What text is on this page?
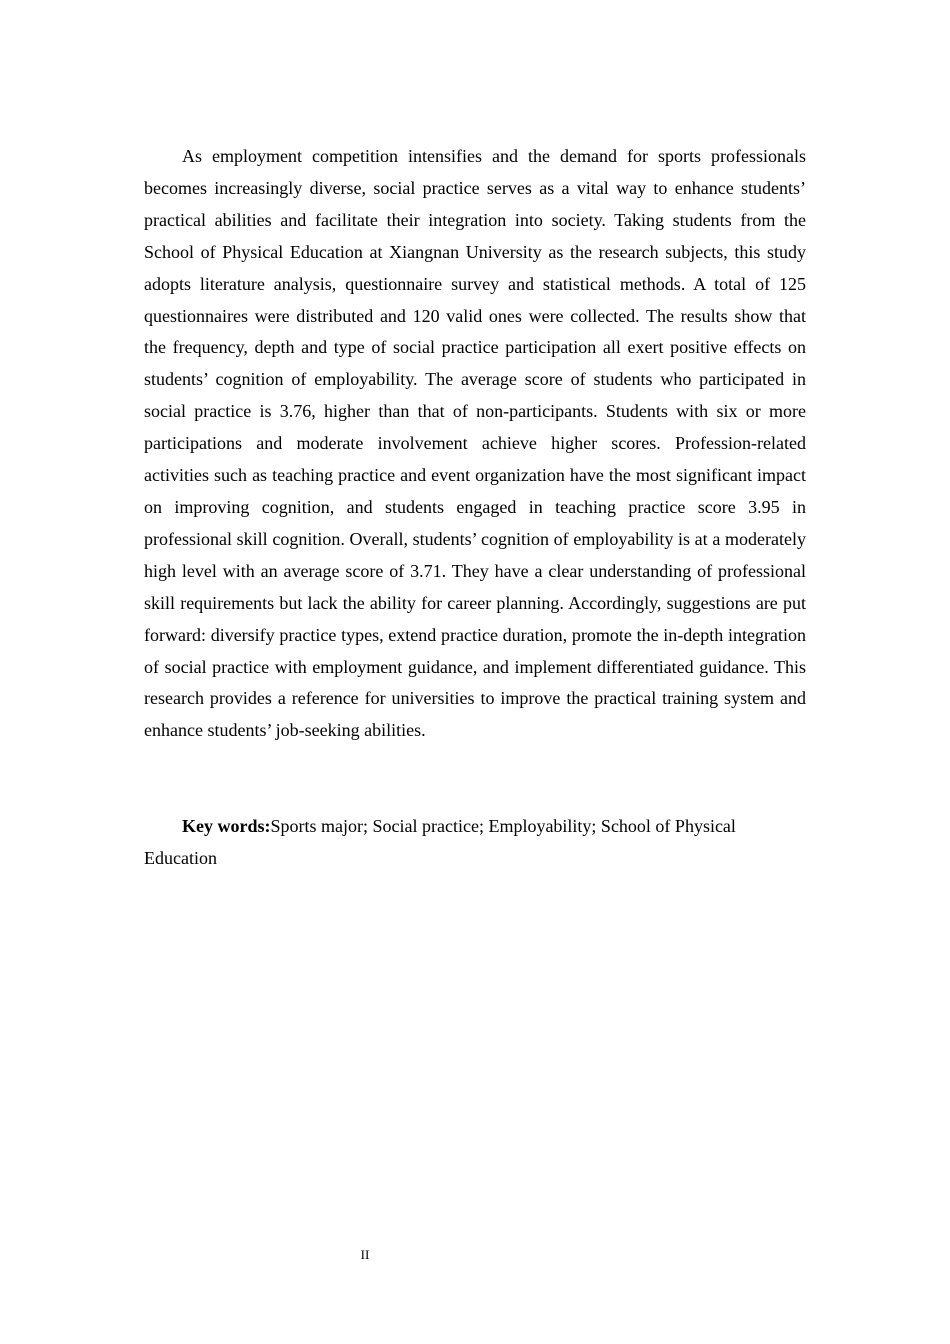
As employment competition intensifies and the demand for sports professionals becomes increasingly diverse, social practice serves as a vital way to enhance students’ practical abilities and facilitate their integration into society. Taking students from the School of Physical Education at Xiangnan University as the research subjects, this study adopts literature analysis, questionnaire survey and statistical methods. A total of 125 questionnaires were distributed and 120 valid ones were collected. The results show that the frequency, depth and type of social practice participation all exert positive effects on students’ cognition of employability. The average score of students who participated in social practice is 3.76, higher than that of non-participants. Students with six or more participations and moderate involvement achieve higher scores. Profession-related activities such as teaching practice and event organization have the most significant impact on improving cognition, and students engaged in teaching practice score 3.95 in professional skill cognition. Overall, students’ cognition of employability is at a moderately high level with an average score of 3.71. They have a clear understanding of professional skill requirements but lack the ability for career planning. Accordingly, suggestions are put forward: diversify practice types, extend practice duration, promote the in-depth integration of social practice with employment guidance, and implement differentiated guidance. This research provides a reference for universities to improve the practical training system and enhance students’ job-seeking abilities.

Key words:Sports major; Social practice; Employability; School of Physical Education

II
